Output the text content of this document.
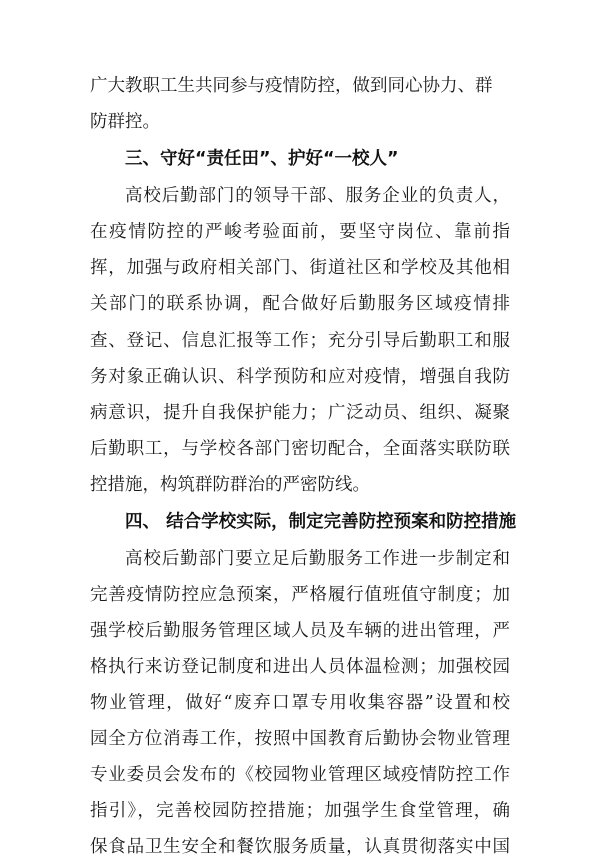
广大教职工生共同参与疫情防控，做到同心协力、群
防群控。
三、守好“责任田”、护好“一校人”
高校后勤部门的领导干部、服务企业的负责人，
在疫情防控的严峻考验面前，要坚守岗位、靠前指
挥，加强与政府相关部门、街道社区和学校及其他相
关部门的联系协调，配合做好后勤服务区域疫情排
查、登记、信息汇报等工作；充分引导后勤职工和服
务对象正确认识、科学预防和应对疫情，增强自我防
病意识，提升自我保护能力；广泛动员、组织、凝聚
后勤职工，与学校各部门密切配合，全面落实联防联
控措施，构筑群防群治的严密防线。
四、 结合学校实际，制定完善防控预案和防控措施
高校后勤部门要立足后勤服务工作进一步制定和
完善疫情防控应急预案，严格履行值班值守制度；加
强学校后勤服务管理区域人员及车辆的进出管理，严
格执行来访登记制度和进出人员体温检测；加强校园
物业管理，做好“废弃口罩专用收集容器”设置和校
园全方位消毒工作，按照中国教育后勤协会物业管理
专业委员会发布的《校园物业管理区域疫情防控工作
指引》，完善校园防控措施；加强学生食堂管理，确
保食品卫生安全和餐饮服务质量，认真贯彻落实中国
